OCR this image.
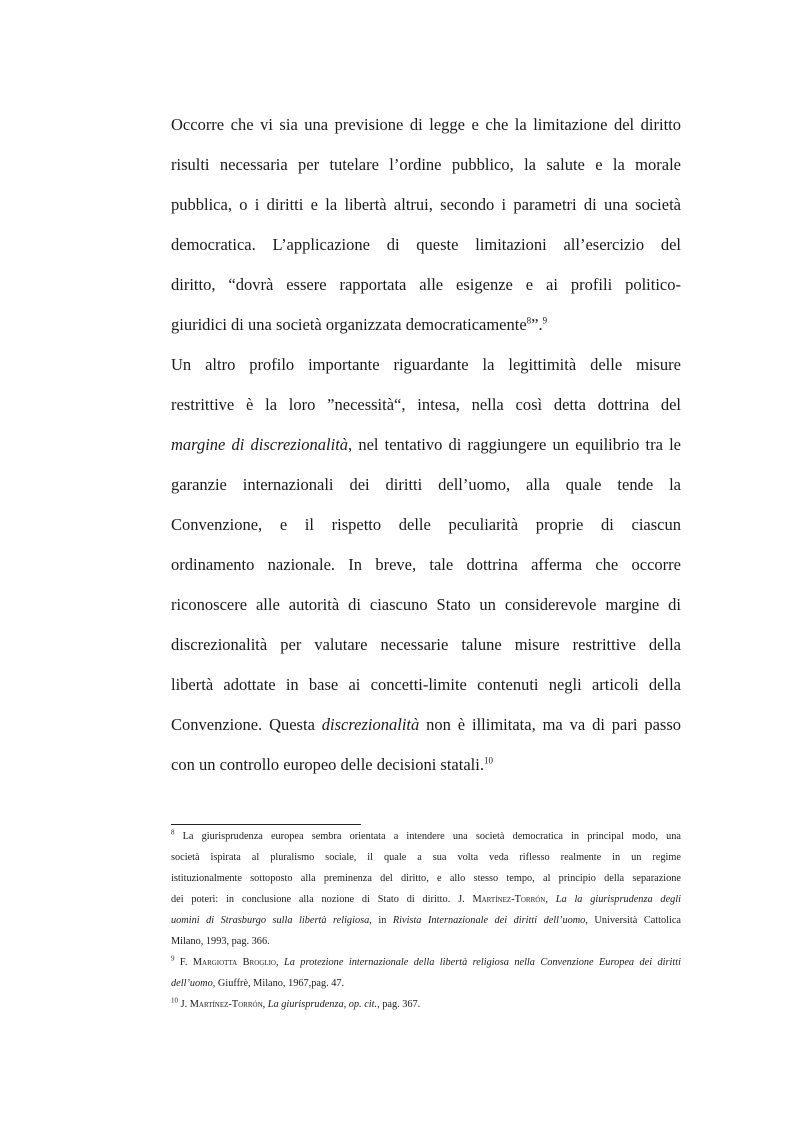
Occorre che vi sia una previsione di legge e che la limitazione del diritto
risulti necessaria per tutelare l’ordine pubblico, la salute e la morale
pubblica, o i diritti e la libertà altrui, secondo i parametri di una società
democratica. L’applicazione di queste limitazioni all’esercizio del
diritto, “dovrà essere rapportata alle esigenze e ai profili politico-
giuridici di una società organizzata democraticamente$^8$”.$^9$
Un altro profilo importante riguardante la legittimità delle misure
restrittive è la loro ”necessità“, intesa, nella così detta dottrina del
margine di discrezionalità, nel tentativo di raggiungere un equilibrio tra le
garanzie internazionali dei diritti dell’uomo, alla quale tende la
Convenzione, e il rispetto delle peculiarità proprie di ciascun
ordinamento nazionale. In breve, tale dottrina afferma che occorre
riconoscere alle autorità di ciascuno Stato un considerevole margine di
discrezionalità per valutare necessarie talune misure restrittive della
libertà adottate in base ai concetti-limite contenuti negli articoli della
Convenzione. Questa discrezionalità non è illimitata, ma va di pari passo
con un controllo europeo delle decisioni statali.$^{10}$
$^8$ La giurisprudenza europea sembra orientata a intendere una società democratica in principal modo, una
società ispirata al pluralismo sociale, il quale a sua volta veda riflesso realmente in un regime
istituzionalmente sottoposto alla preminenza del diritto, e allo stesso tempo, al principio della separazione
dei poteri: in conclusione alla nozione di Stato di diritto. J. Martínez-Torrón, La la giurisprudenza degli
uomini di Strasburgo sulla libertà religiosa, in Rivista Internazionale dei diritti dell’uomo, Università Cattolica
Milano, 1993, pag. 366.
$^9$ F. Margiotta Broglio, La protezione internazionale della libertà religiosa nella Convenzione Europea dei diritti
dell’uomo, Giuffrè, Milano, 1967,pag. 47.
$^{10}$ J. Martínez-Torrón, La giurisprudenza, op. cit., pag. 367.
